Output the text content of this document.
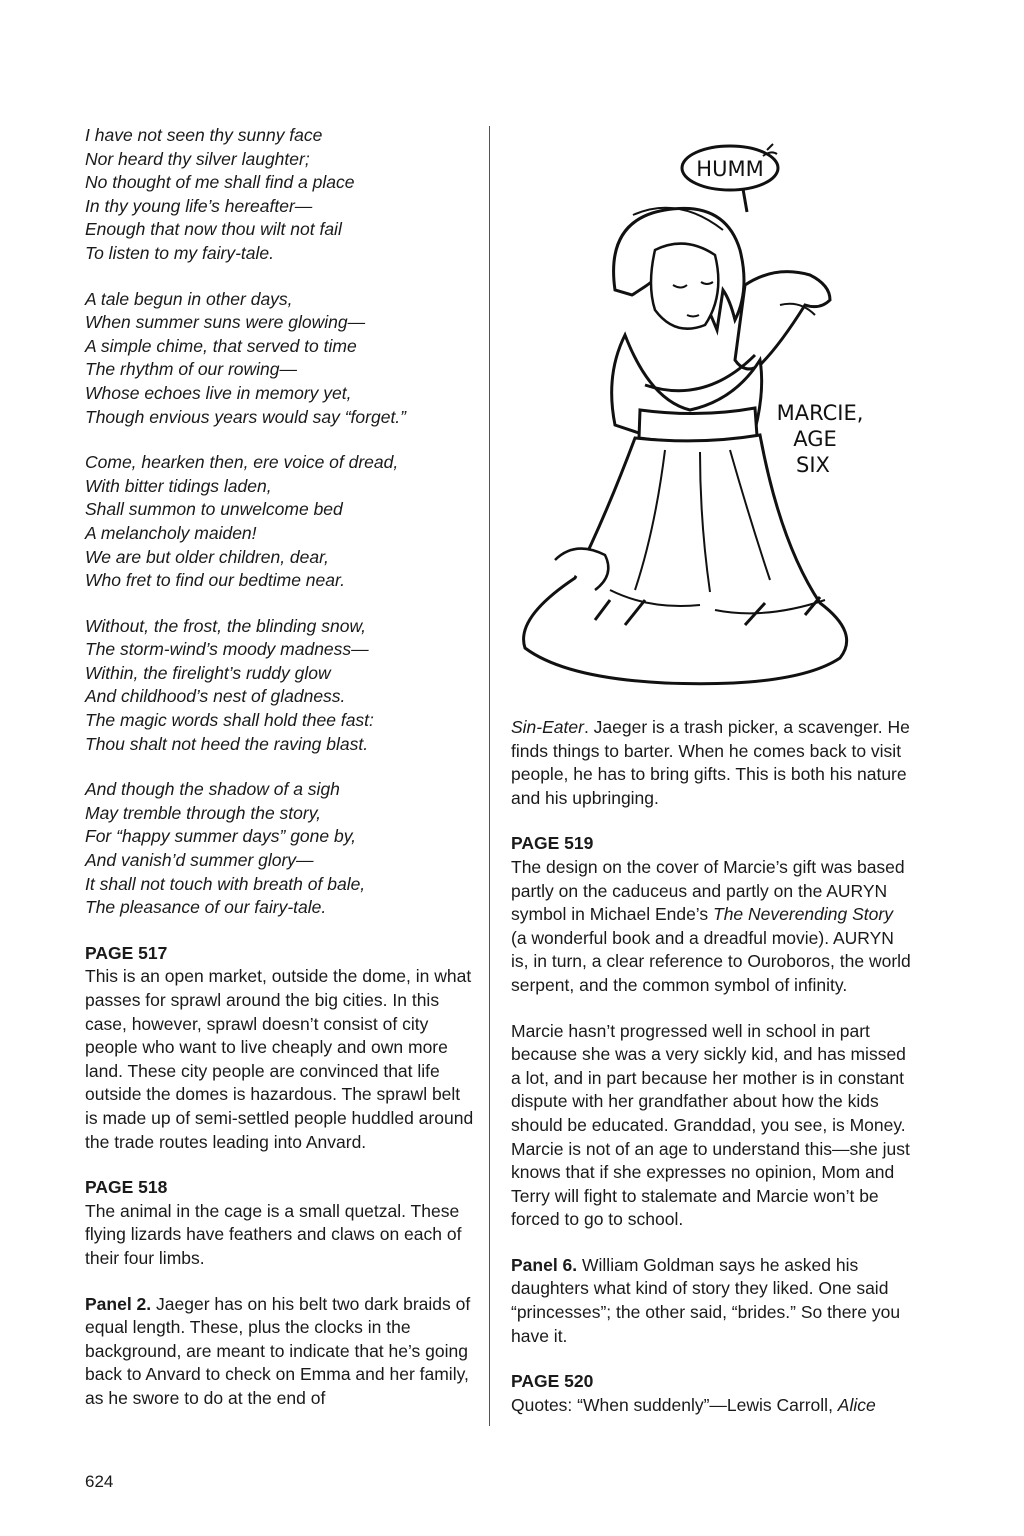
I have not seen thy sunny face
Nor heard thy silver laughter;
No thought of me shall find a place
In thy young life’s hereafter—
Enough that now thou wilt not fail
To listen to my fairy-tale.
A tale begun in other days,
When summer suns were glowing—
A simple chime, that served to time
The rhythm of our rowing—
Whose echoes live in memory yet,
Though envious years would say “forget.”
Come, hearken then, ere voice of dread,
With bitter tidings laden,
Shall summon to unwelcome bed
A melancholy maiden!
We are but older children, dear,
Who fret to find our bedtime near.
Without, the frost, the blinding snow,
The storm-wind’s moody madness—
Within, the firelight’s ruddy glow
And childhood’s nest of gladness.
The magic words shall hold thee fast:
Thou shalt not heed the raving blast.
And though the shadow of a sigh
May tremble through the story,
For “happy summer days” gone by,
And vanish’d summer glory—
It shall not touch with breath of bale,
The pleasance of our fairy-tale.
PAGE 517

This is an open market, outside the dome, in what passes for sprawl around the big cities. In this case, however, sprawl doesn’t consist of city people who want to live cheaply and own more land. These city people are convinced that life outside the domes is hazardous. The sprawl belt is made up of semi-settled people huddled around the trade routes leading into Anvard.

PAGE 518

The animal in the cage is a small quetzal. These flying lizards have feathers and claws on each of their four limbs.

Panel 2. Jaeger has on his belt two dark braids of equal length. These, plus the clocks in the background, are meant to indicate that he’s going back to Anvard to check on Emma and her family, as he swore to do at the end of

HUMM
MARCIE,
AGE
SIX

Sin-Eater. Jaeger is a trash picker, a scavenger. He finds things to barter. When he comes back to visit people, he has to bring gifts. This is both his nature and his upbringing.

PAGE 519

The design on the cover of Marcie’s gift was based partly on the caduceus and partly on the AURYN symbol in Michael Ende’s The Neverending Story (a wonderful book and a dreadful movie). AURYN is, in turn, a clear reference to Ouroboros, the world serpent, and the common symbol of infinity.

Marcie hasn’t progressed well in school in part because she was a very sickly kid, and has missed a lot, and in part because her mother is in constant dispute with her grandfather about how the kids should be educated. Granddad, you see, is Money. Marcie is not of an age to understand this—she just knows that if she expresses no opinion, Mom and Terry will fight to stalemate and Marcie won’t be forced to go to school.

Panel 6. William Goldman says he asked his daughters what kind of story they liked. One said “princesses”; the other said, “brides.” So there you have it.

PAGE 520

Quotes: “When suddenly”—Lewis Carroll, Alice

624
